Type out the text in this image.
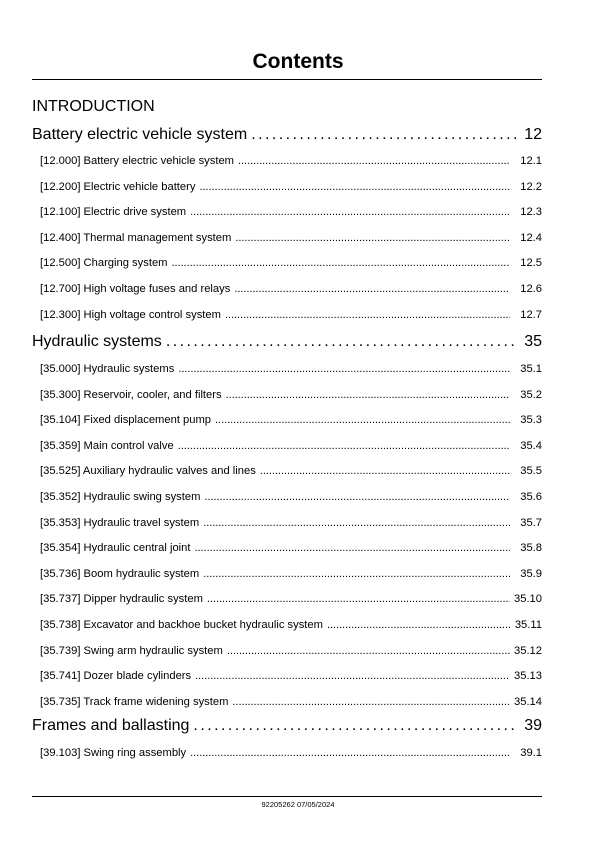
Contents
INTRODUCTION
Battery electric vehicle system . . .	12
[12.000] Battery electric vehicle system . . .	12.1
[12.200] Electric vehicle battery . . .	12.2
[12.100] Electric drive system . . .	12.3
[12.400] Thermal management system . . .	12.4
[12.500] Charging system . . .	12.5
[12.700] High voltage fuses and relays . . .	12.6
[12.300] High voltage control system . . .	12.7
Hydraulic systems . . .	35
[35.000] Hydraulic systems . . .	35.1
[35.300] Reservoir, cooler, and filters . . .	35.2
[35.104] Fixed displacement pump . . .	35.3
[35.359] Main control valve . . .	35.4
[35.525] Auxiliary hydraulic valves and lines . . .	35.5
[35.352] Hydraulic swing system . . .	35.6
[35.353] Hydraulic travel system . . .	35.7
[35.354] Hydraulic central joint . . .	35.8
[35.736] Boom hydraulic system . . .	35.9
[35.737] Dipper hydraulic system . . .	35.10
[35.738] Excavator and backhoe bucket hydraulic system . . .	35.11
[35.739] Swing arm hydraulic system . . .	35.12
[35.741] Dozer blade cylinders . . .	35.13
[35.735] Track frame widening system . . .	35.14
Frames and ballasting . . .	39
[39.103] Swing ring assembly . . .	39.1
92205262 07/05/2024
